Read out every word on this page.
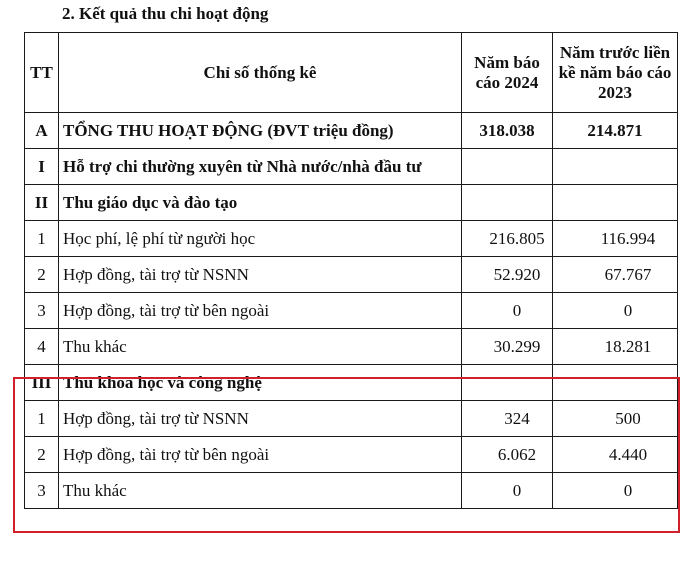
2. Kết quả thu chi hoạt động
TT	Chỉ số thống kê	Năm báo cáo 2024	Năm trước liền kề năm báo cáo 2023
A	TỔNG THU HOẠT ĐỘNG (ĐVT triệu đồng)	318.038	214.871
I	Hỗ trợ chi thường xuyên từ Nhà nước/nhà đầu tư		
II	Thu giáo dục và đào tạo		
1	Học phí, lệ phí từ người học	216.805	116.994
2	Hợp đồng, tài trợ từ NSNN	52.920	67.767
3	Hợp đồng, tài trợ từ bên ngoài	0	0
4	Thu khác	30.299	18.281
III	Thu khoa học và công nghệ		
1	Hợp đồng, tài trợ từ NSNN	324	500
2	Hợp đồng, tài trợ từ bên ngoài	6.062	4.440
3	Thu khác	0	0
